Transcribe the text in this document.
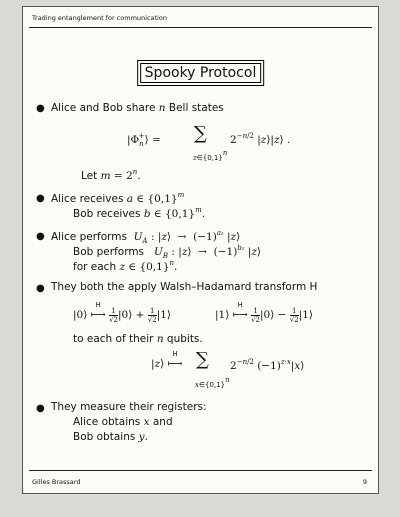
Trading entanglement for communication
Spooky Protocol
● Alice and Bob share n Bell states
$|\Phi_n^+⟩$ = ∑ $2^{-n/2}$ |z⟩|z⟩ .
z∈{0,1}n
Let $m = 2^n$.
● Alice receives a ∈ $\{0,1\}^m$
Bob receives b ∈ $\{0,1\}^m$.
● Alice performs  $U_A$ : |z⟩  →  $(-1)^{az}$ |z⟩
Bob performs   $U_B$ : |z⟩  →  $(-1)^{bz}$ |z⟩
for each z ∈ $\{0,1\}^n$.
● They both the apply Walsh–Hadamard transform H
|0⟩
H
⟼ $\frac{1}{√2}$ |0⟩ + $\frac{1}{√2}$ |1⟩	|1⟩
H
⟼ $\frac{1}{√2}$ |0⟩ − $\frac{1}{√2}$ |1⟩
to each of their n qubits.
|z⟩
H
⟼ ∑ $2^{-n/2}$ $(-1)^{z\cdot x}|x⟩$
x∈{0,1}n
● They measure their registers:
Alice obtains x and
Bob obtains y.
Gilles Brassard	9
